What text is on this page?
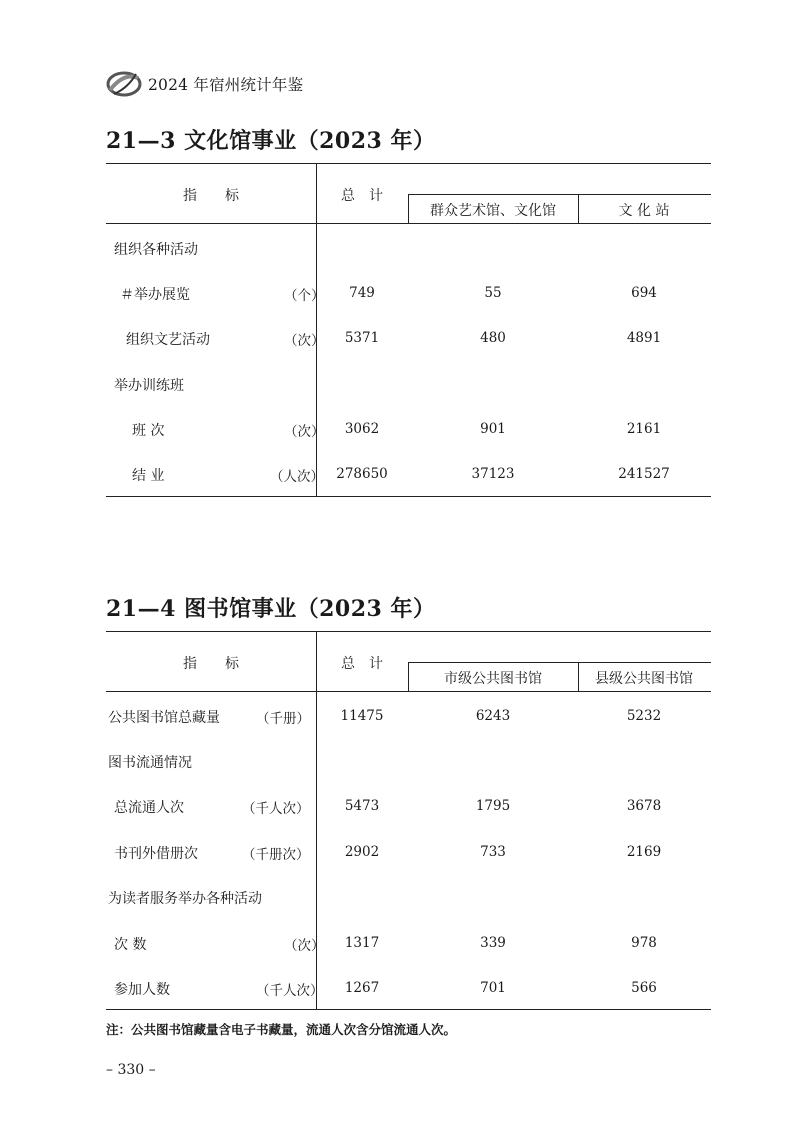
2024 年宿州统计年鉴
21—3 文化馆事业（2023 年）
指　　标	总　计
群众艺术馆、文化馆	文 化 站
组织各种活动
＃举办展览	（个） 749	55	694
组织文艺活动	（次） 5371	480	4891
举办训练班
班 次	（次） 3062	901	2161
结 业	（人次） 278650	37123	241527
21—4 图书馆事业（2023 年）
指　　标	总　计
市级公共图书馆	县级公共图书馆
公共图书馆总藏量	（千册） 11475	6243	5232
图书流通情况
总流通人次	（千人次）	5473	1795	3678
书刊外借册次	（千册次）	2902	733	2169
为读者服务举办各种活动
次 数	（次） 1317	339	978
参加人数	（千人次） 1267	701	566
注：公共图书馆藏量含电子书藏量，流通人次含分馆流通人次。
– 330 –
